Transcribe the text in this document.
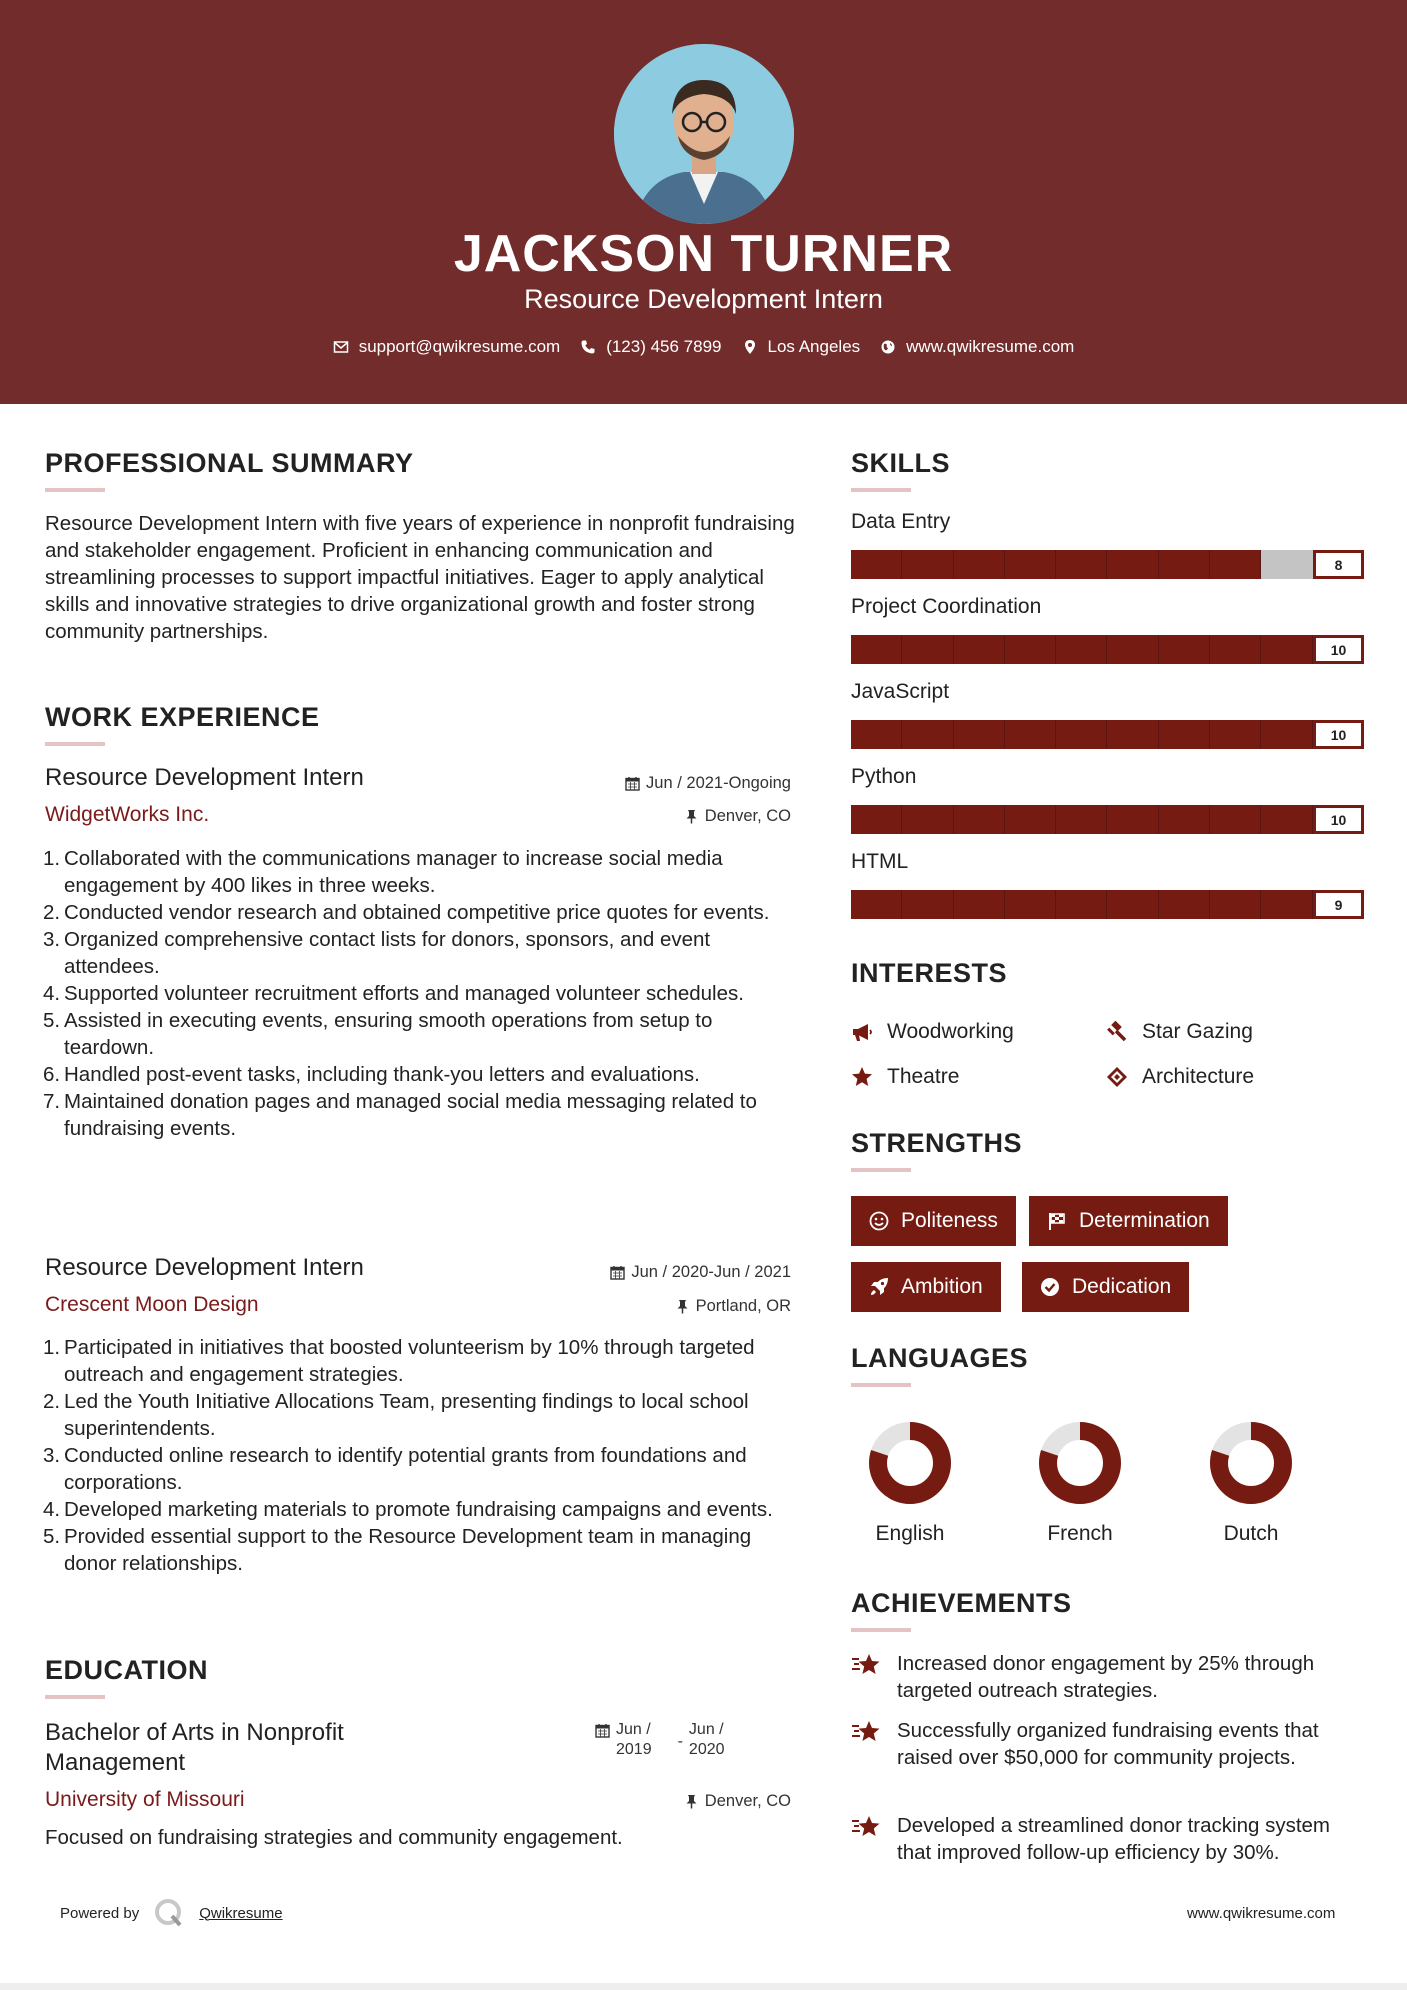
JACKSON TURNER
Resource Development Intern
support@qwikresume.com	(123) 456 7899	Los Angeles	www.qwikresume.com
PROFESSIONAL SUMMARY
Resource Development Intern with five years of experience in nonprofit fundraising and stakeholder engagement. Proficient in enhancing communication and streamlining processes to support impactful initiatives. Eager to apply analytical skills and innovative strategies to drive organizational growth and foster strong community partnerships.
WORK EXPERIENCE
Resource Development Intern	Jun / 2021-Ongoing
WidgetWorks Inc.	Denver, CO
Collaborated with the communications manager to increase social media engagement by 400 likes in three weeks.
Conducted vendor research and obtained competitive price quotes for events.
Organized comprehensive contact lists for donors, sponsors, and event attendees.
Supported volunteer recruitment efforts and managed volunteer schedules.
Assisted in executing events, ensuring smooth operations from setup to teardown.
Handled post-event tasks, including thank-you letters and evaluations.
Maintained donation pages and managed social media messaging related to fundraising events.
Resource Development Intern	Jun / 2020-Jun / 2021
Crescent Moon Design	Portland, OR
Participated in initiatives that boosted volunteerism by 10% through targeted outreach and engagement strategies.
Led the Youth Initiative Allocations Team, presenting findings to local school superintendents.
Conducted online research to identify potential grants from foundations and corporations.
Developed marketing materials to promote fundraising campaigns and events.
Provided essential support to the Resource Development team in managing donor relationships.
EDUCATION
Bachelor of Arts in Nonprofit
Management
Jun /
2019 -
Jun /
2020
University of Missouri	Denver, CO
Focused on fundraising strategies and community engagement.
SKILLS
Data Entry
8
Project Coordination
10
JavaScript
10
Python
10
HTML
9
INTERESTS
Woodworking	Star Gazing
Theatre	Architecture
STRENGTHS
Politeness	Determination
Ambition	Dedication
LANGUAGES
English	French	Dutch
ACHIEVEMENTS
Increased donor engagement by 25% through targeted outreach strategies.
Successfully organized fundraising events that raised over $50,000 for community projects.
Developed a streamlined donor tracking system that improved follow-up efficiency by 30%.
Powered by	Qwikresume	www.qwikresume.com
